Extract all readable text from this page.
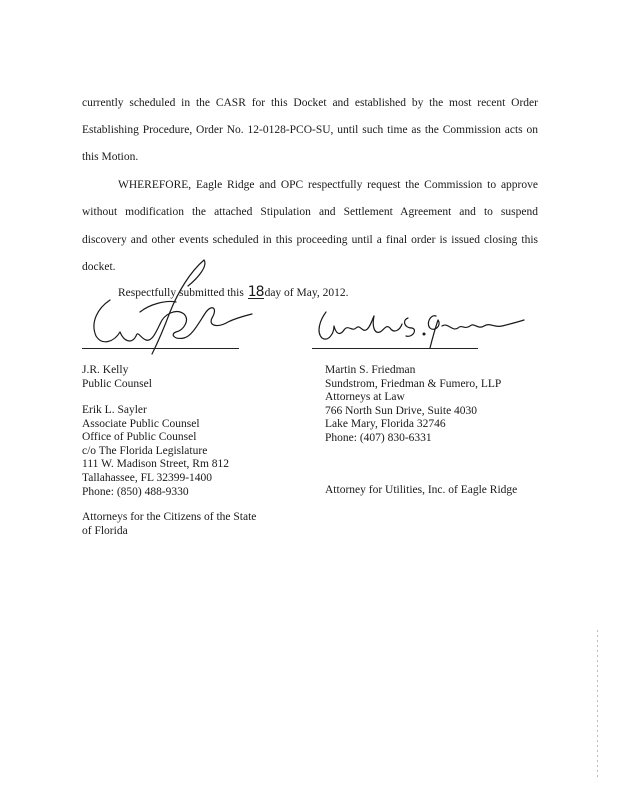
currently scheduled in the CASR for this Docket and established by the most recent Order
Establishing Procedure, Order No. 12-0128-PCO-SU, until such time as the Commission acts on
this Motion.
WHEREFORE, Eagle Ridge and OPC respectfully request the Commission to approve
without modification the attached Stipulation and Settlement Agreement and to suspend
discovery and other events scheduled in this proceeding until a final order is issued closing this
docket.
Respectfully submitted this 18day of May, 2012.
J.R. Kelly
Public Counsel
Erik L. Sayler
Associate Public Counsel
Office of Public Counsel
c/o The Florida Legislature
111 W. Madison Street, Rm 812
Tallahassee, FL 32399-1400
Phone: (850) 488-9330
Attorneys for the Citizens of the State
of Florida
Martin S. Friedman
Sundstrom, Friedman & Fumero, LLP
Attorneys at Law
766 North Sun Drive, Suite 4030
Lake Mary, Florida 32746
Phone: (407) 830-6331
Attorney for Utilities, Inc. of Eagle Ridge
